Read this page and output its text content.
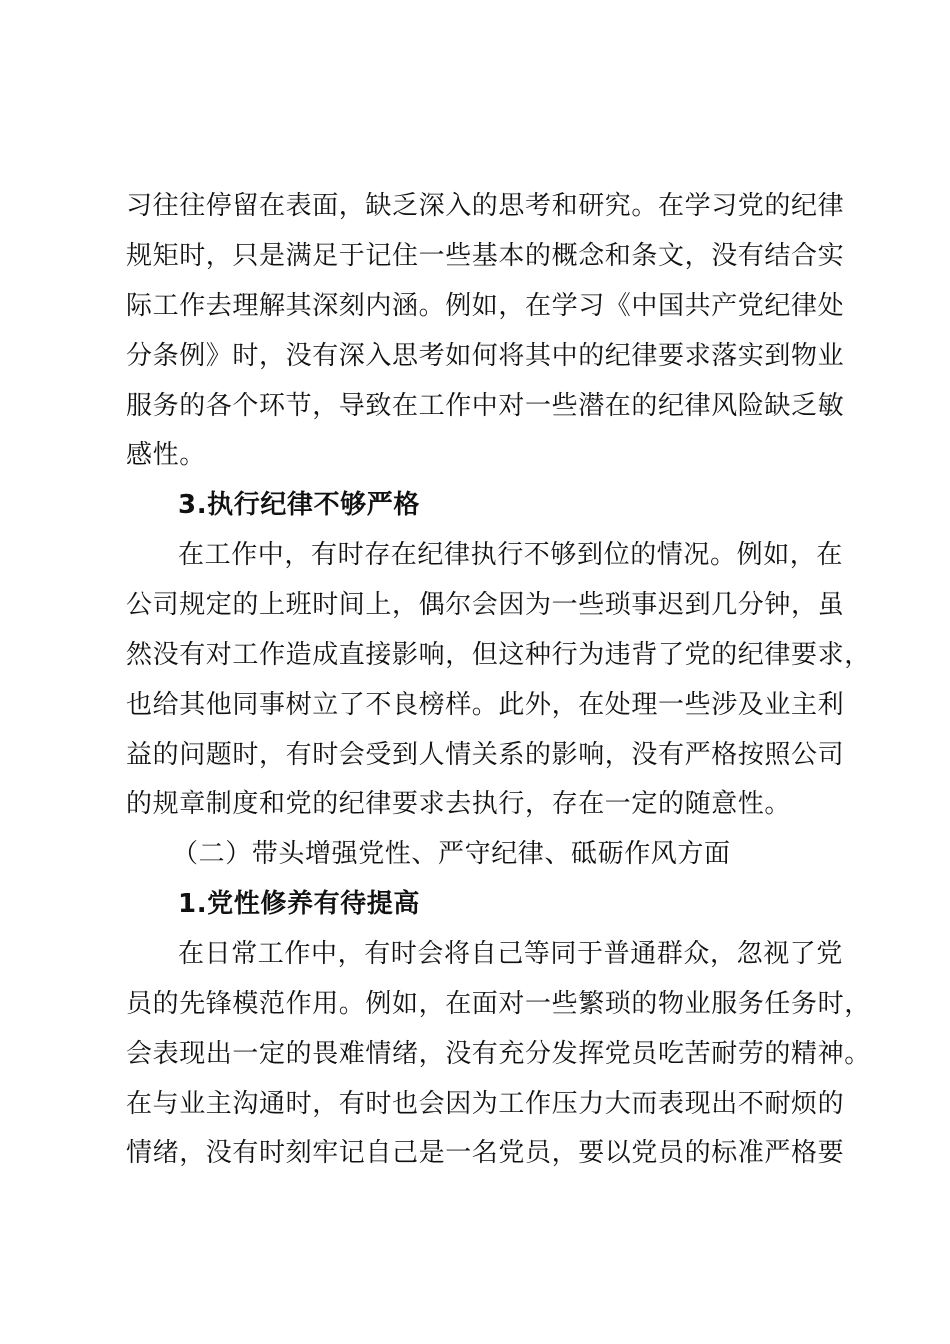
习往往停留在表面，缺乏深入的思考和研究。在学习党的纪律
规矩时，只是满足于记住一些基本的概念和条文，没有结合实
际工作去理解其深刻内涵。例如，在学习《中国共产党纪律处
分条例》时，没有深入思考如何将其中的纪律要求落实到物业
服务的各个环节，导致在工作中对一些潜在的纪律风险缺乏敏
感性。
3.执行纪律不够严格
在工作中，有时存在纪律执行不够到位的情况。例如，在
公司规定的上班时间上，偶尔会因为一些琐事迟到几分钟，虽
然没有对工作造成直接影响，但这种行为违背了党的纪律要求，
也给其他同事树立了不良榜样。此外，在处理一些涉及业主利
益的问题时，有时会受到人情关系的影响，没有严格按照公司
的规章制度和党的纪律要求去执行，存在一定的随意性。
（二）带头增强党性、严守纪律、砥砺作风方面
1.党性修养有待提高
在日常工作中，有时会将自己等同于普通群众，忽视了党
员的先锋模范作用。例如，在面对一些繁琐的物业服务任务时，
会表现出一定的畏难情绪，没有充分发挥党员吃苦耐劳的精神。
在与业主沟通时，有时也会因为工作压力大而表现出不耐烦的
情绪，没有时刻牢记自己是一名党员，要以党员的标准严格要
